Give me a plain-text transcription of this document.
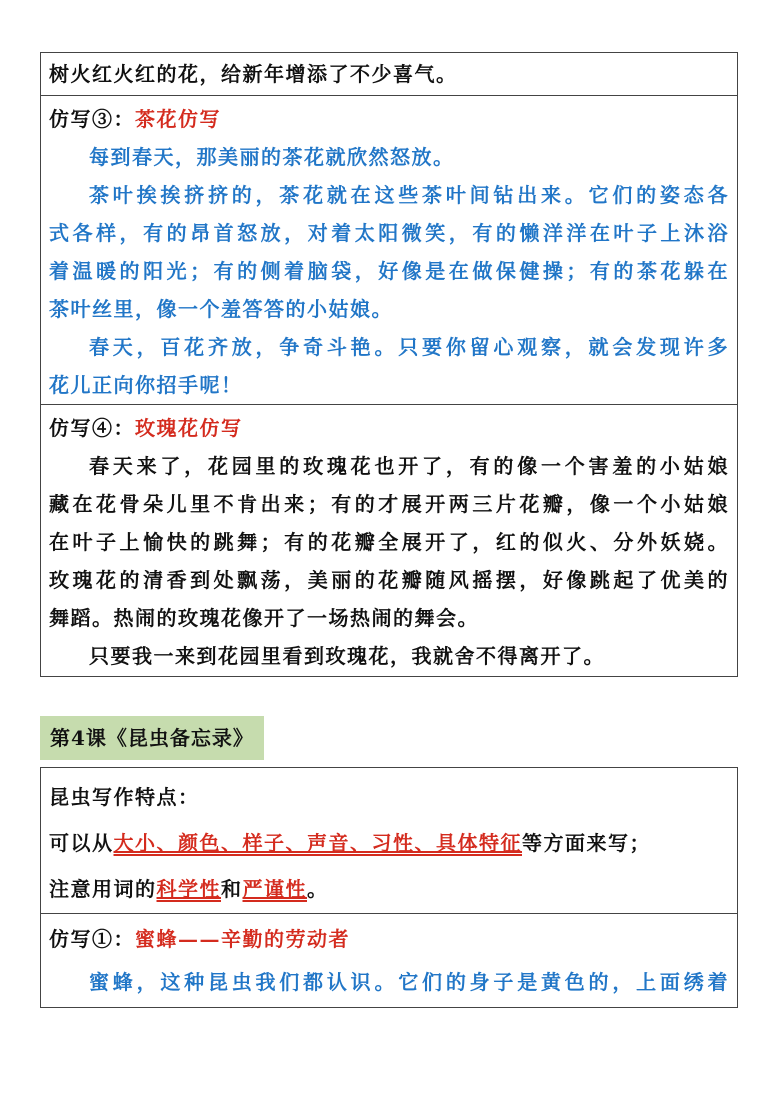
树火红火红的花，给新年增添了不少喜气。
仿写③：茶花仿写
每到春天，那美丽的茶花就欣然怒放。
茶叶挨挨挤挤的，茶花就在这些茶叶间钻出来。它们的姿态各
式各样，有的昂首怒放，对着太阳微笑，有的懒洋洋在叶子上沐浴
着温暖的阳光；有的侧着脑袋，好像是在做保健操；有的茶花躲在
茶叶丝里，像一个羞答答的小姑娘。
春天，百花齐放，争奇斗艳。只要你留心观察，就会发现许多
花儿正向你招手呢！
仿写④：玫瑰花仿写
春天来了，花园里的玫瑰花也开了，有的像一个害羞的小姑娘
藏在花骨朵儿里不肯出来；有的才展开两三片花瓣，像一个小姑娘
在叶子上愉快的跳舞；有的花瓣全展开了，红的似火、分外妖娆。
玫瑰花的清香到处飘荡，美丽的花瓣随风摇摆，好像跳起了优美的
舞蹈。热闹的玫瑰花像开了一场热闹的舞会。
只要我一来到花园里看到玫瑰花，我就舍不得离开了。
第4课《昆虫备忘录》
昆虫写作特点：
可以从大小、颜色、样子、声音、习性、具体特征等方面来写；
注意用词的科学性和严谨性。
仿写①：蜜蜂——辛勤的劳动者
蜜蜂，这种昆虫我们都认识。它们的身子是黄色的，上面绣着
